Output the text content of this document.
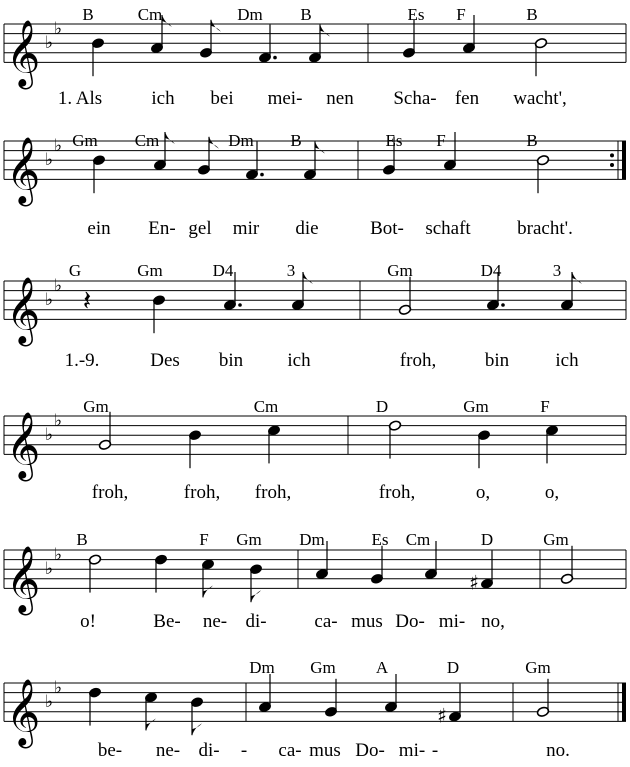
𝄞 ♭
♭
B	Cm	Dm B	Es F	B
1. Als	ich bei mei- nen Scha- fen wacht',
𝄞 ♭
♭ Gm Cm	Dm B	Es F	B
ein En- gel mir die	Bot- schaft bracht'.
𝄞 ♭
♭ 𝄽
G	Gm	D4	3	Gm	D4	3
1.-9.	Des bin ich	froh,	bin ich
𝄞 ♭
♭
Gm	Cm	D	Gm	F
froh,	froh, froh,	froh,	o,	o,
𝄞 ♭
♭
♯
B	F Gm Dm	Es Cm	D	Gm
o!	Be- ne- di-	ca- mus Do- mi- no,
𝄞 ♭
♭
♯
Dm Gm A	D	Gm
be- ne- di- - ca- mus Do- mi- -	no.
